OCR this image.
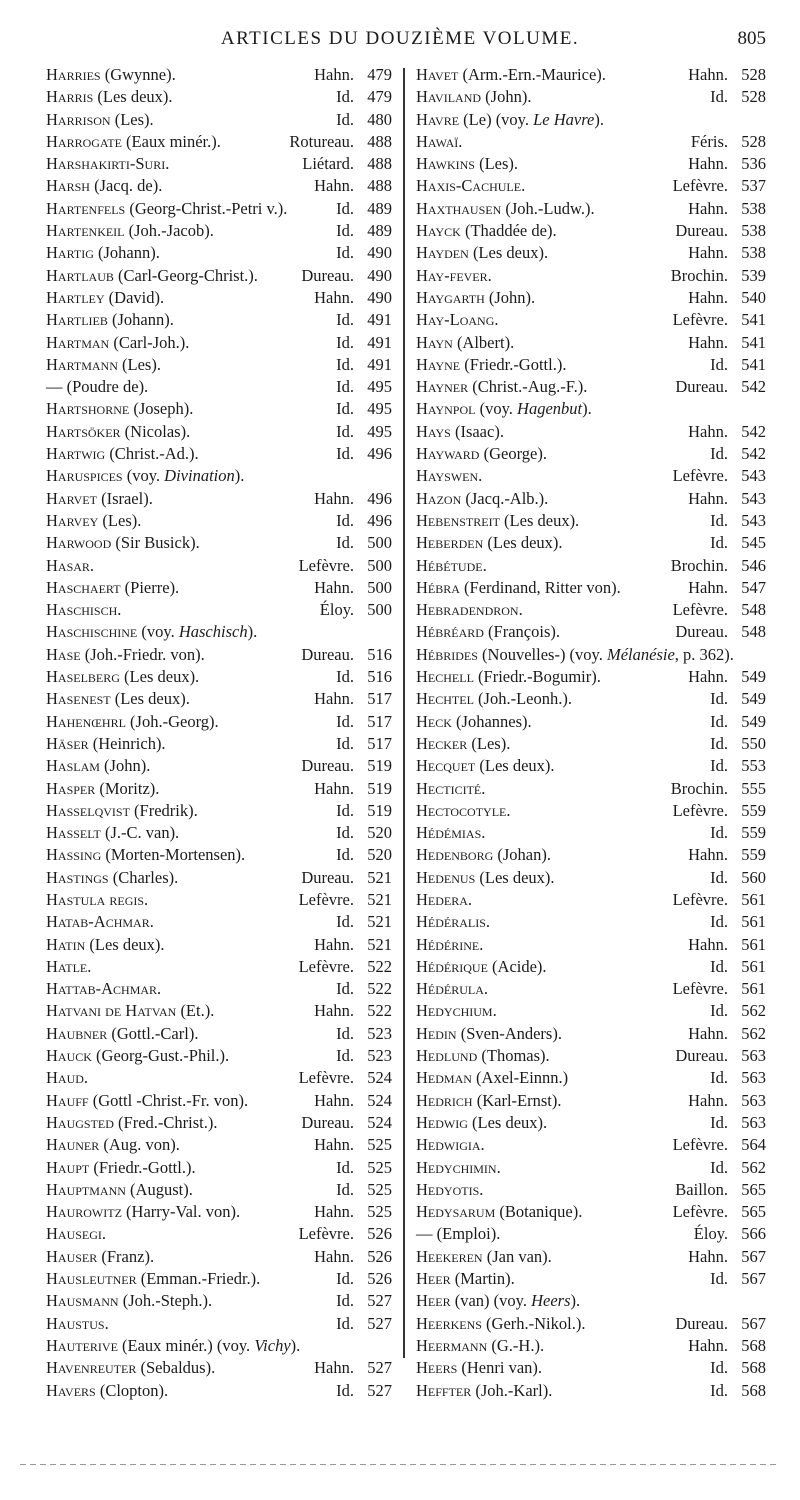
ARTICLES DU DOUZIÈME VOLUME.	805
Harries (Gwynne).	Hahn. 479
Harris (Les deux).	Id. 479
Harrison (Les).	Id. 480
Harrogate (Eaux minér.).	Rotureau. 488
Harshakirti-Suri.	Liétard. 488
Harsh (Jacq. de).	Hahn. 488
Hartenfels (Georg-Christ.-Petri v.).	Id. 489
Hartenkeil (Joh.-Jacob).	Id. 489
Hartig (Johann).	Id. 490
Hartlaub (Carl-Georg-Christ.).	Dureau. 490
Hartley (David).	Hahn. 490
Hartlieb (Johann).	Id. 491
Hartman (Carl-Joh.).	Id. 491
Hartmann (Les).	Id. 491
— (Poudre de).	Id. 495
Hartshorne (Joseph).	Id. 495
Hartsöker (Nicolas).	Id. 495
Hartwig (Christ.-Ad.).	Id. 496
Haruspices (voy. Divination).
Harvet (Israel).	Hahn. 496
Harvey (Les).	Id. 496
Harwood (Sir Busick).	Id. 500
Hasar.	Lefèvre. 500
Haschaert (Pierre).	Hahn. 500
Haschisch.	Éloy. 500
Haschischine (voy. Haschisch).
Hase (Joh.-Friedr. von).	Dureau. 516
Haselberg (Les deux).	Id. 516
Hasenest (Les deux).	Hahn. 517
Hahenœhrl (Joh.-Georg).	Id. 517
Häser (Heinrich).	Id. 517
Haslam (John).	Dureau. 519
Hasper (Moritz).	Hahn. 519
Hasselqvist (Fredrik).	Id. 519
Hasselt (J.-C. van).	Id. 520
Hassing (Morten-Mortensen).	Id. 520
Hastings (Charles).	Dureau. 521
Hastula regis.	Lefèvre. 521
Hatab-Achmar.	Id. 521
Hatin (Les deux).	Hahn. 521
Hatle.	Lefèvre. 522
Hattab-Achmar.	Id. 522
Hatvani de Hatvan (Et.).	Hahn. 522
Haubner (Gottl.-Carl).	Id. 523
Hauck (Georg-Gust.-Phil.).	Id. 523
Haud.	Lefèvre. 524
Hauff (Gottl -Christ.-Fr. von).	Hahn. 524
Haugsted (Fred.-Christ.).	Dureau. 524
Hauner (Aug. von).	Hahn. 525
Haupt (Friedr.-Gottl.).	Id. 525
Hauptmann (August).	Id. 525
Haurowitz (Harry-Val. von).	Hahn. 525
Hausegi.	Lefèvre. 526
Hauser (Franz).	Hahn. 526
Hausleutner (Emman.-Friedr.).	Id. 526
Hausmann (Joh.-Steph.).	Id. 527
Haustus.	Id. 527
Hauterive (Eaux minér.) (voy. Vichy).
Havenreuter (Sebaldus).	Hahn. 527
Havers (Clopton).	Id. 527
Havet (Arm.-Ern.-Maurice).	Hahn. 528
Haviland (John).	Id. 528
Havre (Le) (voy. Le Havre).
Hawaï.	Féris. 528
Hawkins (Les).	Hahn. 536
Haxis-Cachule.	Lefèvre. 537
Haxthausen (Joh.-Ludw.).	Hahn. 538
Hayck (Thaddée de).	Dureau. 538
Hayden (Les deux).	Hahn. 538
Hay-fever.	Brochin. 539
Haygarth (John).	Hahn. 540
Hay-Loang.	Lefèvre. 541
Hayn (Albert).	Hahn. 541
Hayne (Friedr.-Gottl.).	Id. 541
Hayner (Christ.-Aug.-F.).	Dureau. 542
Haynpol (voy. Hagenbut).
Hays (Isaac).	Hahn. 542
Hayward (George).	Id. 542
Hayswen.	Lefèvre. 543
Hazon (Jacq.-Alb.).	Hahn. 543
Hebenstreit (Les deux).	Id. 543
Heberden (Les deux).	Id. 545
Hébétude.	Brochin. 546
Hébra (Ferdinand, Ritter von).	Hahn. 547
Hebradendron.	Lefèvre. 548
Hébréard (François).	Dureau. 548
Hébrides (Nouvelles-) (voy. Mélanésie, p. 362).
Hechell (Friedr.-Bogumir).	Hahn. 549
Hechtel (Joh.-Leonh.).	Id. 549
Heck (Johannes).	Id. 549
Hecker (Les).	Id. 550
Hecquet (Les deux).	Id. 553
Hecticité.	Brochin. 555
Hectocotyle.	Lefèvre. 559
Hédémias.	Id. 559
Hedenborg (Johan).	Hahn. 559
Hedenus (Les deux).	Id. 560
Hedera.	Lefèvre. 561
Hédéralis.	Id. 561
Hédérine.	Hahn. 561
Hédérique (Acide).	Id. 561
Hédérula.	Lefèvre. 561
Hedychium.	Id. 562
Hedin (Sven-Anders).	Hahn. 562
Hedlund (Thomas).	Dureau. 563
Hedman (Axel-Einnn.)	Id. 563
Hedrich (Karl-Ernst).	Hahn. 563
Hedwig (Les deux).	Id. 563
Hedwigia.	Lefèvre. 564
Hedychimin.	Id. 562
Hedyotis.	Baillon. 565
Hedysarum (Botanique).	Lefèvre. 565
— (Emploi).	Éloy. 566
Heekeren (Jan van).	Hahn. 567
Heer (Martin).	Id. 567
Heer (van) (voy. Heers).
Heerkens (Gerh.-Nikol.).	Dureau. 567
Heermann (G.-H.).	Hahn. 568
Heers (Henri van).	Id. 568
Heffter (Joh.-Karl).	Id. 568
